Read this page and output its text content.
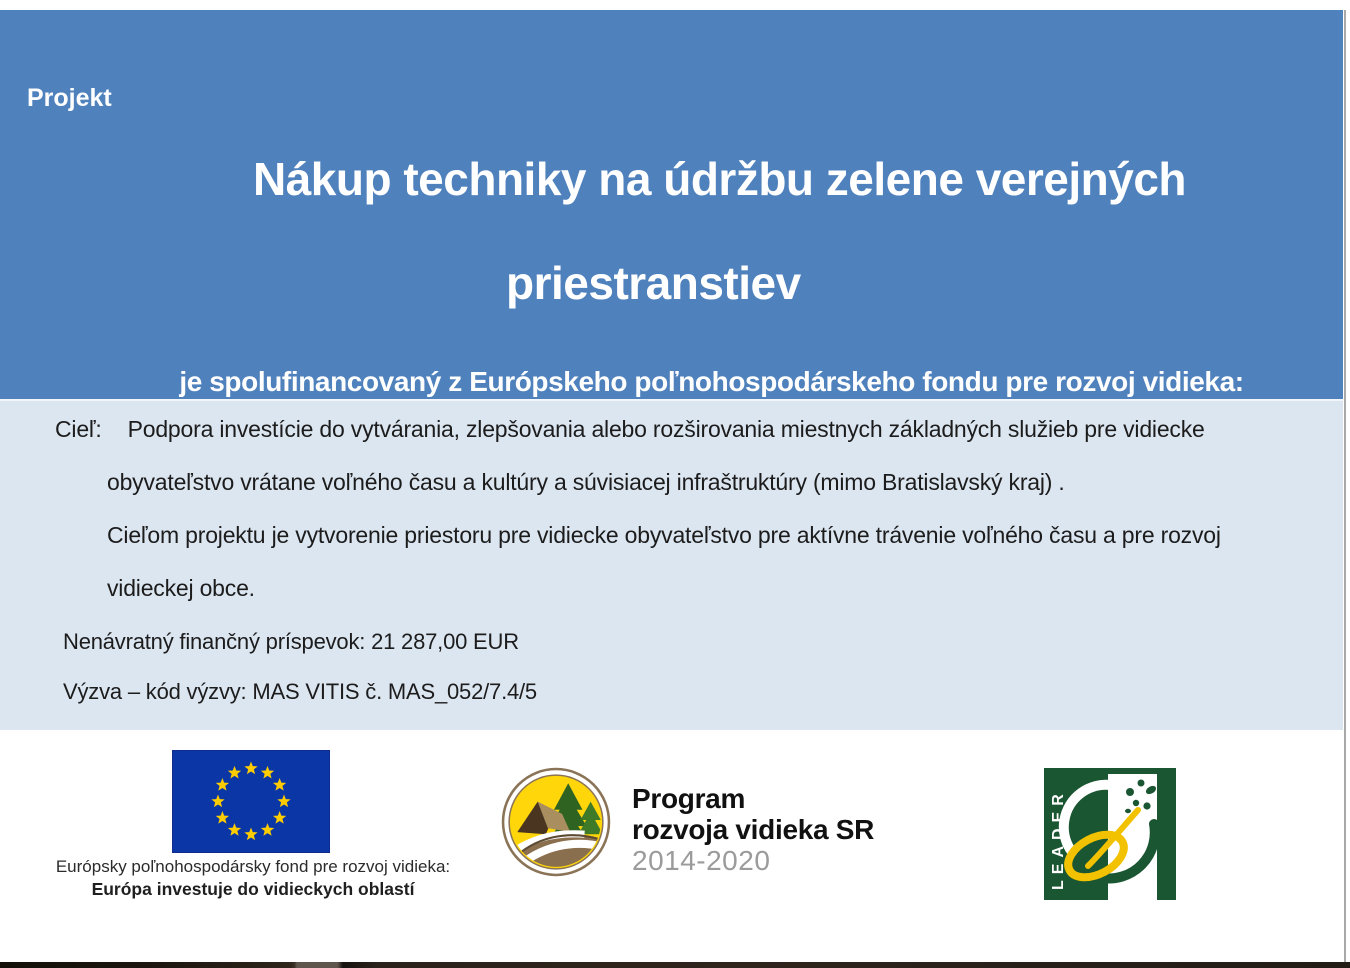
Projekt
Nákup techniky na údržbu zelene verejných
priestranstiev
je spolufinancovaný z Európskeho poľnohospodárskeho fondu pre rozvoj vidieka:
Cieľ: Podpora investície do vytvárania, zlepšovania alebo rozširovania miestnych základných služieb pre vidiecke
obyvateľstvo vrátane voľného času a kultúry a súvisiacej infraštruktúry (mimo Bratislavský kraj) .
Cieľom projektu je vytvorenie priestoru pre vidiecke obyvateľstvo pre aktívne trávenie voľného času a pre rozvoj
vidieckej obce.
Nenávratný finančný príspevok: 21 287,00 EUR
Výzva – kód výzvy: MAS VITIS č. MAS_052/7.4/5
Európsky poľnohospodársky fond pre rozvoj vidieka:
Európa investuje do vidieckych oblastí
Program
rozvoja vidieka SR
2014-2020	LEADER
